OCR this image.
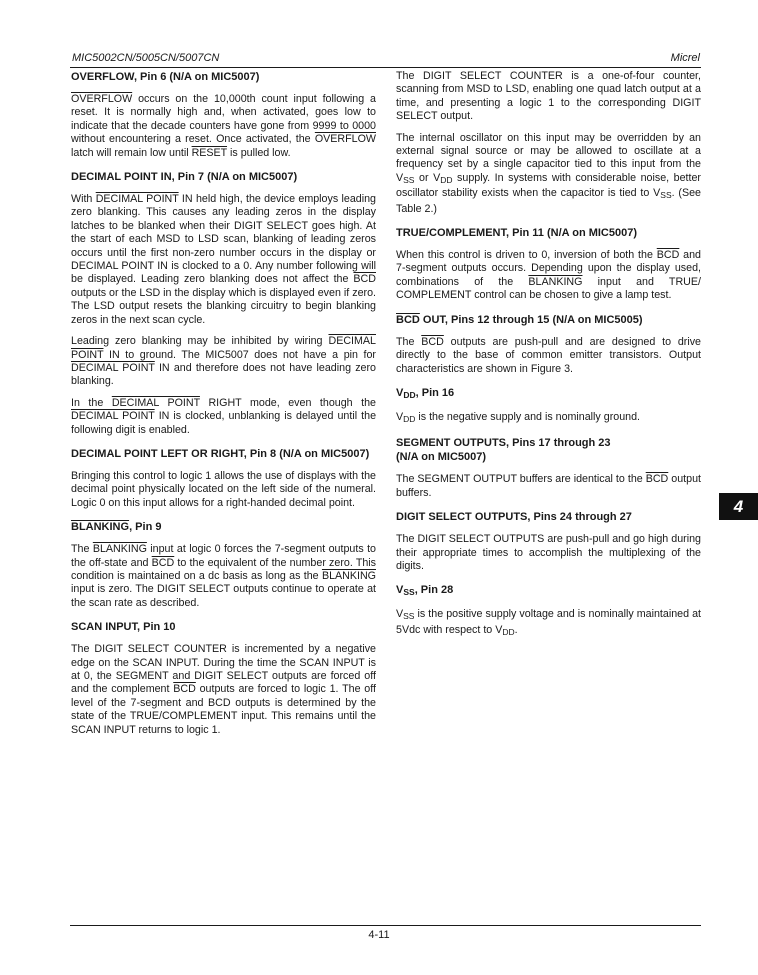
MIC5002CN/5005CN/5007CN	Micrel
OVERFLOW, Pin 6 (N/A on MIC5007)

OVERFLOW occurs on the 10,000th count input following a reset. It is normally high and, when activated, goes low to indicate that the decade counters have gone from 9999 to 0000 without encountering a reset. Once activated, the OVERFLOW latch will remain low until RESET is pulled low.

DECIMAL POINT IN, Pin 7 (N/A on MIC5007)

With DECIMAL POINT IN held high, the device employs leading zero blanking. This causes any leading zeros in the display latches to be blanked when their DIGIT SELECT goes high. At the start of each MSD to LSD scan, blanking of leading zeros occurs until the first non-zero number occurs in the display or DECIMAL POINT IN is clocked to a 0. Any number following will be displayed. Leading zero blanking does not affect the $\overline{BCD}$ outputs or the LSD in the display which is displayed even if zero. The LSD output resets the blanking circuitry to begin blanking zeros in the next scan cycle.

Leading zero blanking may be inhibited by wiring DECIMAL POINT IN to ground. The MIC5007 does not have a pin for DECIMAL POINT IN and therefore does not have leading zero blanking.

In the DECIMAL POINT RIGHT mode, even though the DECIMAL POINT IN is clocked, unblanking is delayed until the following digit is enabled.

DECIMAL POINT LEFT OR RIGHT, Pin 8 (N/A on MIC5007)

Bringing this control to logic 1 allows the use of displays with the decimal point physically located on the left side of the numeral. Logic 0 on this input allows for a right-handed decimal point.

BLANKING, Pin 9

The BLANKING input at logic 0 forces the 7-segment outputs to the off-state and $\overline{BCD}$ to the equivalent of the number zero. This condition is maintained on a dc basis as long as the BLANKING input is zero. The DIGIT SELECT outputs continue to operate at the scan rate as described.

SCAN INPUT, Pin 10

The DIGIT SELECT COUNTER is incremented by a negative edge on the SCAN INPUT. During the time the SCAN INPUT is at 0, the SEGMENT and DIGIT SELECT outputs are forced off and the complement $\overline{BCD}$ outputs are forced to logic 1. The off level of the 7-segment and BCD outputs is determined by the state of the TRUE/COMPLEMENT input. This remains until the SCAN INPUT returns to logic 1.

The DIGIT SELECT COUNTER is a one-of-four counter, scanning from MSD to LSD, enabling one quad latch output at a time, and presenting a logic 1 to the corresponding DIGIT SELECT output.

The internal oscillator on this input may be overridden by an external signal source or may be allowed to oscillate at a frequency set by a single capacitor tied to this input from the $V_{SS}$ or $V_{DD}$ supply. In systems with considerable noise, better oscillator stability exists when the capacitor is tied to $V_{SS}$. (See Table 2.)

TRUE/COMPLEMENT, Pin 11 (N/A on MIC5007)

When this control is driven to 0, inversion of both the $\overline{BCD}$ and 7-segment outputs occurs. Depending upon the display used, combinations of the BLANKING input and TRUE/ COMPLEMENT control can be chosen to give a lamp test.

BCD OUT, Pins 12 through 15 (N/A on MIC5005)

The $\overline{BCD}$ outputs are push-pull and are designed to drive directly to the base of common emitter transistors. Output characteristics are shown in Figure 3.

$V_{DD}$, Pin 16

$V_{DD}$ is the negative supply and is nominally ground.

SEGMENT OUTPUTS, Pins 17 through 23
(N/A on MIC5007)

The SEGMENT OUTPUT buffers are identical to the $\overline{BCD}$ output buffers.

DIGIT SELECT OUTPUTS, Pins 24 through 27

The DIGIT SELECT OUTPUTS are push-pull and go high during their appropriate times to accomplish the multiplexing of the digits.

$V_{SS}$, Pin 28

$V_{SS}$ is the positive supply voltage and is nominally maintained at 5Vdc with respect to $V_{DD}$.

4
4-11
